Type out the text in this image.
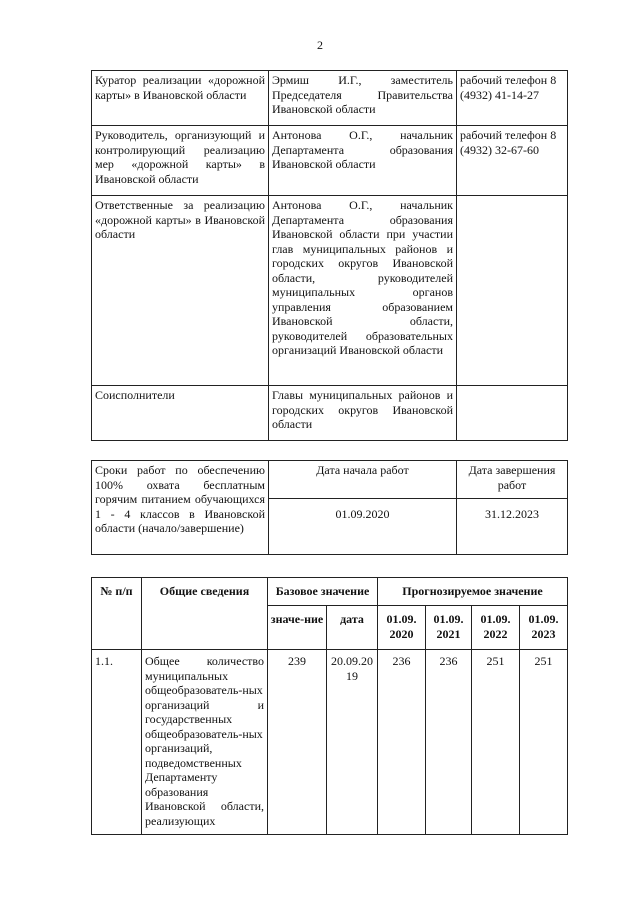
2
Куратор реализации «дорожной карты» в Ивановской области	Эрмиш И.Г., заместитель Председателя Правительства Ивановской области	рабочий телефон 8 (4932) 41-14-27
Руководитель, организующий и контролирующий реализацию мер «дорожной карты» в Ивановской области	Антонова О.Г., начальник Департамента образования Ивановской области	рабочий телефон 8 (4932) 32-67-60
Ответственные за реализацию «дорожной карты» в Ивановской области	Антонова О.Г., начальник Департамента образования Ивановской области при участии глав муниципальных районов и городских округов Ивановской области, руководителей муниципальных органов управления образованием Ивановской области, руководителей образовательных организаций Ивановской области	
Соисполнители	Главы муниципальных районов и городских округов Ивановской области	
Сроки работ по обеспечению 100% охвата бесплатным горячим питанием обучающихся 1 - 4 классов в Ивановской области (начало/завершение)	Дата начала работ	Дата завершения работ
	01.09.2020	31.12.2023
№ п/п	Общие сведения	Базовое значение		Прогнозируемое значение			
		значе-ние	дата	01.09. 2020	01.09. 2021	01.09. 2022	01.09. 2023
1.1.	Общее количество муниципальных общеобразователь-ных организаций и государственных общеобразователь-ных организаций, подведомственных Департаменту образования Ивановской области, реализующих	239	20.09.20 19	236	236	251	251
